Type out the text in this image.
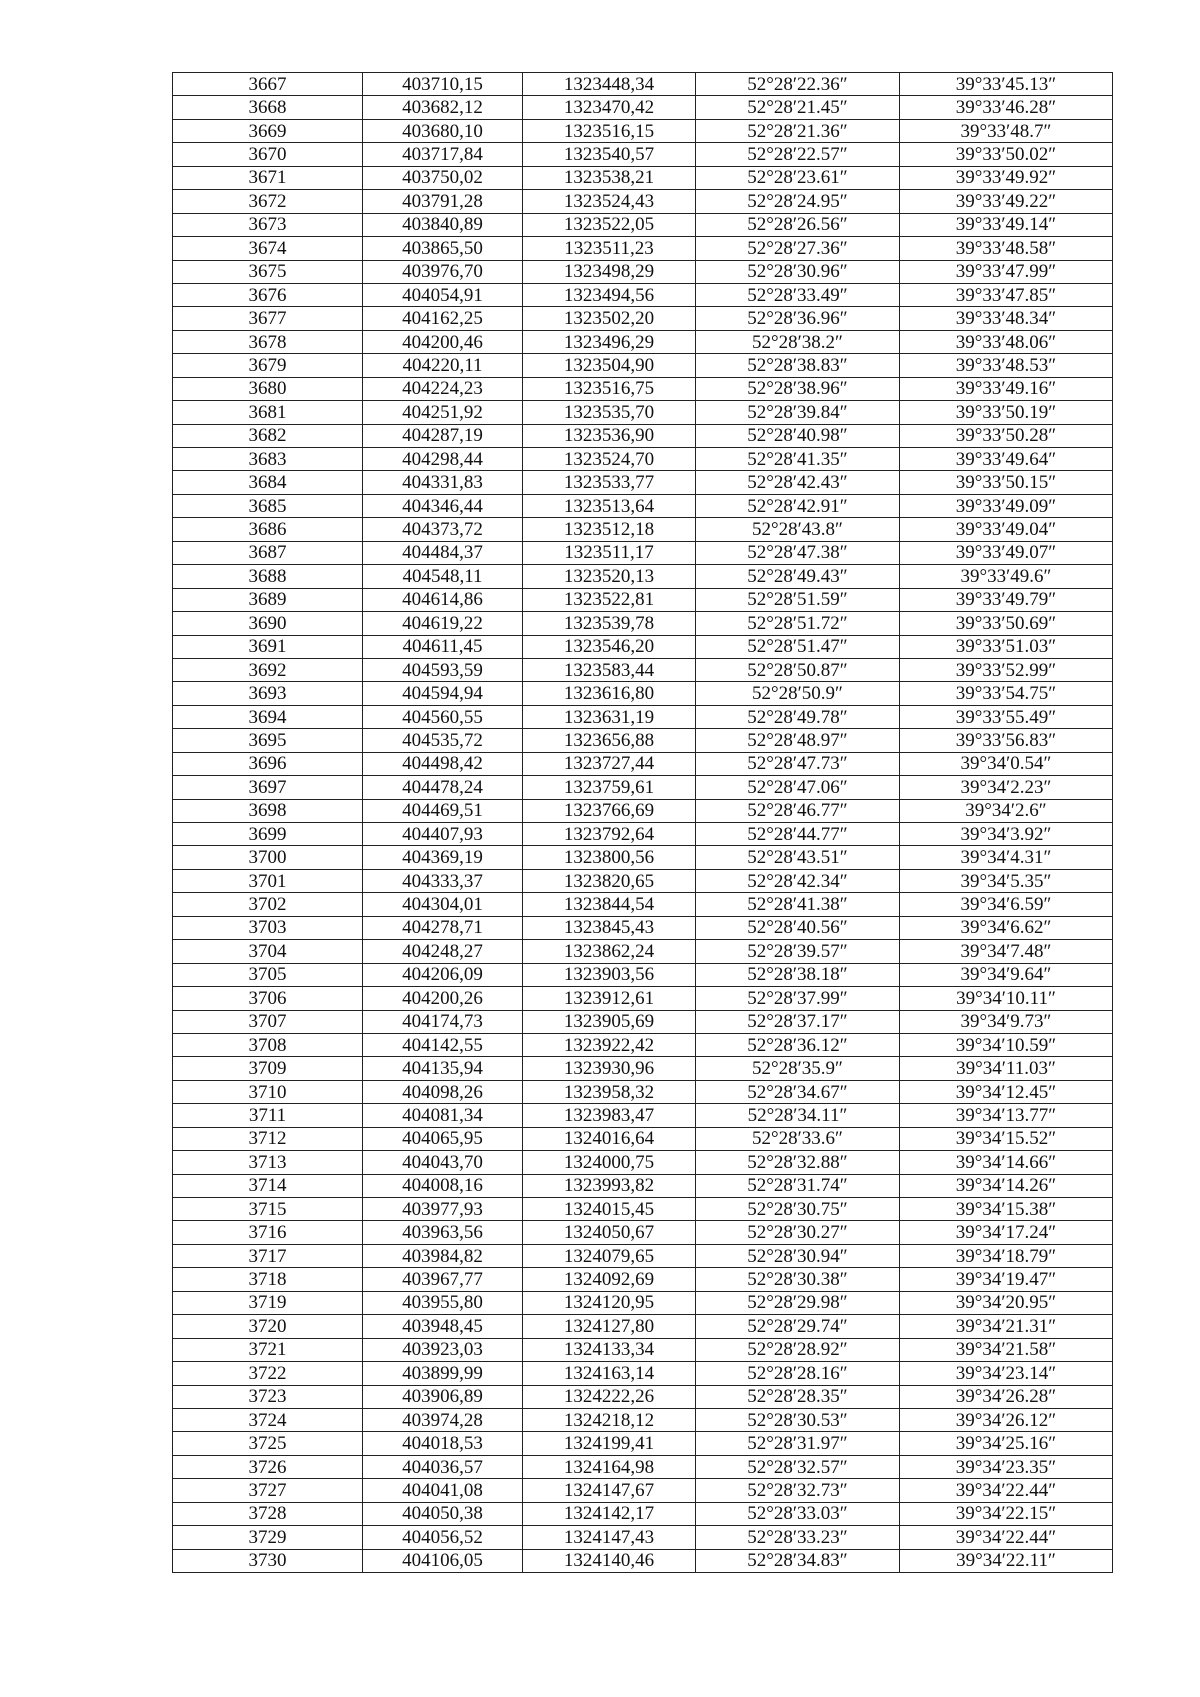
3667	403710,15	1323448,34	52°28′22.36″	39°33′45.13″
3668	403682,12	1323470,42	52°28′21.45″	39°33′46.28″
3669	403680,10	1323516,15	52°28′21.36″	39°33′48.7″
3670	403717,84	1323540,57	52°28′22.57″	39°33′50.02″
3671	403750,02	1323538,21	52°28′23.61″	39°33′49.92″
3672	403791,28	1323524,43	52°28′24.95″	39°33′49.22″
3673	403840,89	1323522,05	52°28′26.56″	39°33′49.14″
3674	403865,50	1323511,23	52°28′27.36″	39°33′48.58″
3675	403976,70	1323498,29	52°28′30.96″	39°33′47.99″
3676	404054,91	1323494,56	52°28′33.49″	39°33′47.85″
3677	404162,25	1323502,20	52°28′36.96″	39°33′48.34″
3678	404200,46	1323496,29	52°28′38.2″	39°33′48.06″
3679	404220,11	1323504,90	52°28′38.83″	39°33′48.53″
3680	404224,23	1323516,75	52°28′38.96″	39°33′49.16″
3681	404251,92	1323535,70	52°28′39.84″	39°33′50.19″
3682	404287,19	1323536,90	52°28′40.98″	39°33′50.28″
3683	404298,44	1323524,70	52°28′41.35″	39°33′49.64″
3684	404331,83	1323533,77	52°28′42.43″	39°33′50.15″
3685	404346,44	1323513,64	52°28′42.91″	39°33′49.09″
3686	404373,72	1323512,18	52°28′43.8″	39°33′49.04″
3687	404484,37	1323511,17	52°28′47.38″	39°33′49.07″
3688	404548,11	1323520,13	52°28′49.43″	39°33′49.6″
3689	404614,86	1323522,81	52°28′51.59″	39°33′49.79″
3690	404619,22	1323539,78	52°28′51.72″	39°33′50.69″
3691	404611,45	1323546,20	52°28′51.47″	39°33′51.03″
3692	404593,59	1323583,44	52°28′50.87″	39°33′52.99″
3693	404594,94	1323616,80	52°28′50.9″	39°33′54.75″
3694	404560,55	1323631,19	52°28′49.78″	39°33′55.49″
3695	404535,72	1323656,88	52°28′48.97″	39°33′56.83″
3696	404498,42	1323727,44	52°28′47.73″	39°34′0.54″
3697	404478,24	1323759,61	52°28′47.06″	39°34′2.23″
3698	404469,51	1323766,69	52°28′46.77″	39°34′2.6″
3699	404407,93	1323792,64	52°28′44.77″	39°34′3.92″
3700	404369,19	1323800,56	52°28′43.51″	39°34′4.31″
3701	404333,37	1323820,65	52°28′42.34″	39°34′5.35″
3702	404304,01	1323844,54	52°28′41.38″	39°34′6.59″
3703	404278,71	1323845,43	52°28′40.56″	39°34′6.62″
3704	404248,27	1323862,24	52°28′39.57″	39°34′7.48″
3705	404206,09	1323903,56	52°28′38.18″	39°34′9.64″
3706	404200,26	1323912,61	52°28′37.99″	39°34′10.11″
3707	404174,73	1323905,69	52°28′37.17″	39°34′9.73″
3708	404142,55	1323922,42	52°28′36.12″	39°34′10.59″
3709	404135,94	1323930,96	52°28′35.9″	39°34′11.03″
3710	404098,26	1323958,32	52°28′34.67″	39°34′12.45″
3711	404081,34	1323983,47	52°28′34.11″	39°34′13.77″
3712	404065,95	1324016,64	52°28′33.6″	39°34′15.52″
3713	404043,70	1324000,75	52°28′32.88″	39°34′14.66″
3714	404008,16	1323993,82	52°28′31.74″	39°34′14.26″
3715	403977,93	1324015,45	52°28′30.75″	39°34′15.38″
3716	403963,56	1324050,67	52°28′30.27″	39°34′17.24″
3717	403984,82	1324079,65	52°28′30.94″	39°34′18.79″
3718	403967,77	1324092,69	52°28′30.38″	39°34′19.47″
3719	403955,80	1324120,95	52°28′29.98″	39°34′20.95″
3720	403948,45	1324127,80	52°28′29.74″	39°34′21.31″
3721	403923,03	1324133,34	52°28′28.92″	39°34′21.58″
3722	403899,99	1324163,14	52°28′28.16″	39°34′23.14″
3723	403906,89	1324222,26	52°28′28.35″	39°34′26.28″
3724	403974,28	1324218,12	52°28′30.53″	39°34′26.12″
3725	404018,53	1324199,41	52°28′31.97″	39°34′25.16″
3726	404036,57	1324164,98	52°28′32.57″	39°34′23.35″
3727	404041,08	1324147,67	52°28′32.73″	39°34′22.44″
3728	404050,38	1324142,17	52°28′33.03″	39°34′22.15″
3729	404056,52	1324147,43	52°28′33.23″	39°34′22.44″
3730	404106,05	1324140,46	52°28′34.83″	39°34′22.11″
